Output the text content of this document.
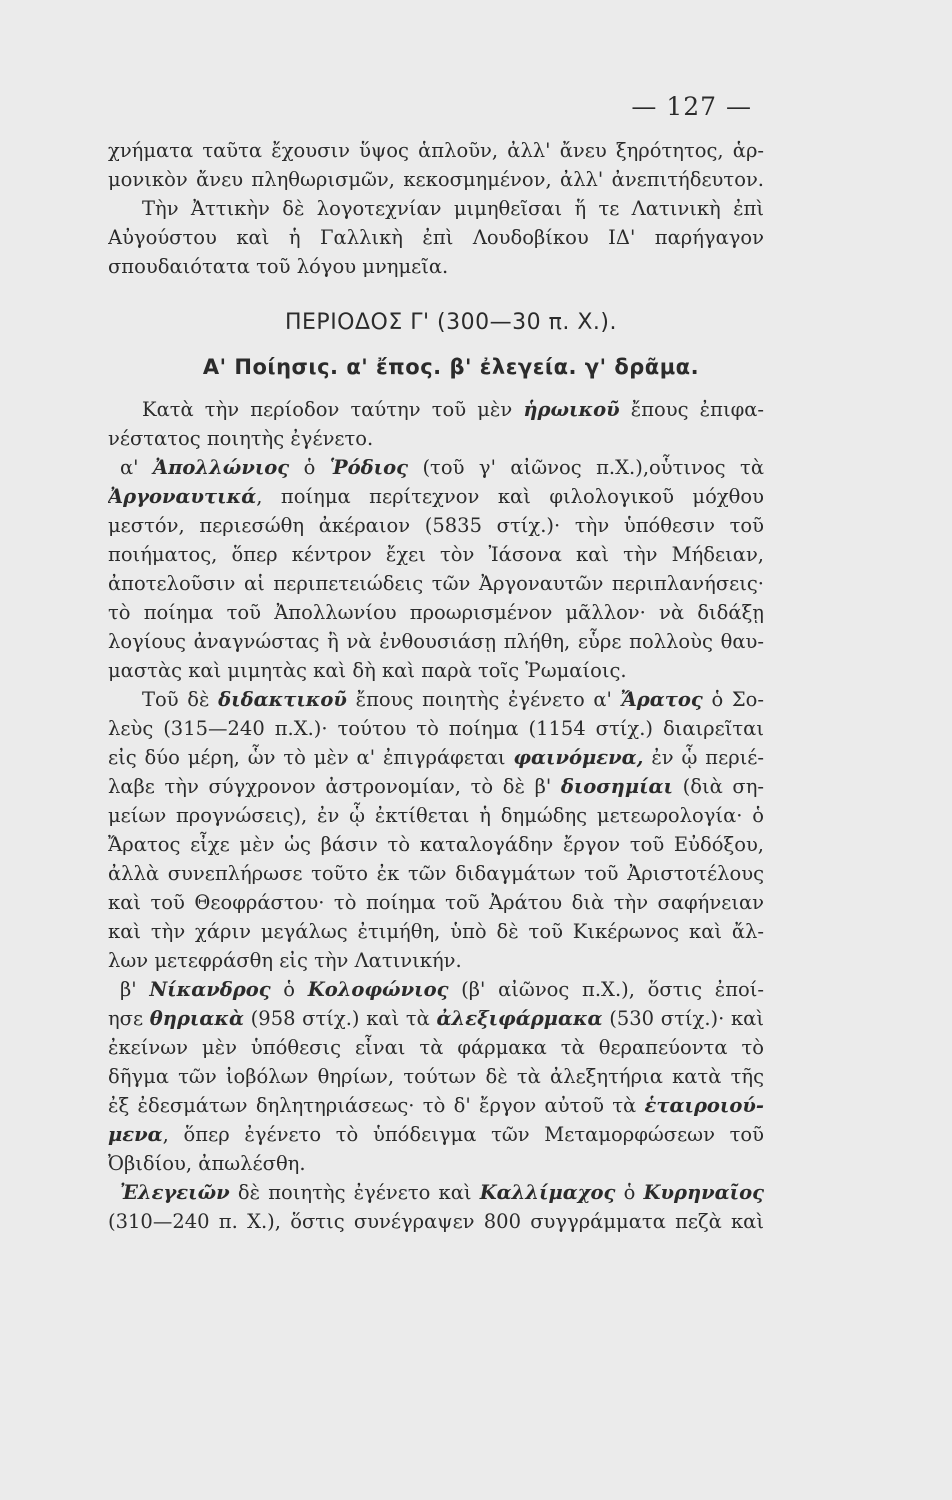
— 127 —
χνήματα ταῦτα ἔχουσιν ὕψος ἁπλοῦν, ἀλλ' ἄνευ ξηρότητος, ἁρ-
μονικὸν ἄνευ πληθωρισμῶν, κεκοσμημένον, ἀλλ' ἀνεπιτήδευτον.
Τὴν Ἀττικὴν δὲ λογοτεχνίαν μιμηθεῖσαι ἥ τε Λατινικὴ ἐπὶ
Αὐγούστου καὶ ἡ Γαλλικὴ ἐπὶ Λουδοβίκου ΙΔ' παρήγαγον
σπουδαιότατα τοῦ λόγου μνημεῖα.
ΠΕΡΙΟΔΟΣ Γ' (300—30 π. Χ.).
Α' Ποίησις. α' ἔπος. β' ἐλεγεία. γ' δρᾶμα.
Κατὰ τὴν περίοδον ταύτην τοῦ μὲν ἡρωικοῦ ἔπους ἐπιφα-
νέστατος ποιητὴς ἐγένετο.
α' Ἀπολλώνιος ὁ Ῥόδιος (τοῦ γ' αἰῶνος π.Χ.),οὗτινος τὰ
Ἀργοναυτικά, ποίημα περίτεχνον καὶ φιλολογικοῦ μόχθου
μεστόν, περιεσώθη ἀκέραιον (5835 στίχ.)· τὴν ὑπόθεσιν τοῦ
ποιήματος, ὅπερ κέντρον ἔχει τὸν Ἰάσονα καὶ τὴν Μήδειαν,
ἀποτελοῦσιν αἱ περιπετειώδεις τῶν Ἀργοναυτῶν περιπλανήσεις·
τὸ ποίημα τοῦ Ἀπολλωνίου προωρισμένον μᾶλλον· νὰ διδάξῃ
λογίους ἀναγνώστας ἢ νὰ ἐνθουσιάσῃ πλήθη, εὗρε πολλοὺς θαυ-
μαστὰς καὶ μιμητὰς καὶ δὴ καὶ παρὰ τοῖς Ῥωμαίοις.
Τοῦ δὲ διδακτικοῦ ἔπους ποιητὴς ἐγένετο α' Ἄρατος ὁ Σο-
λεὺς (315—240 π.Χ.)· τούτου τὸ ποίημα (1154 στίχ.) διαιρεῖται
εἰς δύο μέρη, ὧν τὸ μὲν α' ἐπιγράφεται φαινόμενα, ἐν ᾧ περιέ-
λαβε τὴν σύγχρονον ἀστρονομίαν, τὸ δὲ β' διοσημίαι (διὰ ση-
μείων προγνώσεις), ἐν ᾧ ἐκτίθεται ἡ δημώδης μετεωρολογία· ὁ
Ἄρατος εἶχε μὲν ὡς βάσιν τὸ καταλογάδην ἔργον τοῦ Εὐδόξου,
ἀλλὰ συνεπλήρωσε τοῦτο ἐκ τῶν διδαγμάτων τοῦ Ἀριστοτέλους
καὶ τοῦ Θεοφράστου· τὸ ποίημα τοῦ Ἀράτου διὰ τὴν σαφήνειαν
καὶ τὴν χάριν μεγάλως ἐτιμήθη, ὑπὸ δὲ τοῦ Κικέρωνος καὶ ἄλ-
λων μετεφράσθη εἰς τὴν Λατινικήν.
β' Νίκανδρος ὁ Κολοφώνιος (β' αἰῶνος π.Χ.), ὅστις ἐποί-
ησε θηριακὰ (958 στίχ.) καὶ τὰ ἀλεξιφάρμακα (530 στίχ.)· καὶ
ἐκείνων μὲν ὑπόθεσις εἶναι τὰ φάρμακα τὰ θεραπεύοντα τὸ
δῆγμα τῶν ἰοβόλων θηρίων, τούτων δὲ τὰ ἀλεξητήρια κατὰ τῆς
ἐξ ἐδεσμάτων δηλητηριάσεως· τὸ δ' ἔργον αὐτοῦ τὰ ἑταιροιού-
μενα, ὅπερ ἐγένετο τὸ ὑπόδειγμα τῶν Μεταμορφώσεων τοῦ
Ὀβιδίου, ἀπωλέσθη.
Ἐλεγειῶν δὲ ποιητὴς ἐγένετο καὶ Καλλίμαχος ὁ Κυρηναῖος
(310—240 π. Χ.), ὅστις συνέγραψεν 800 συγγράμματα πεζὰ καὶ
